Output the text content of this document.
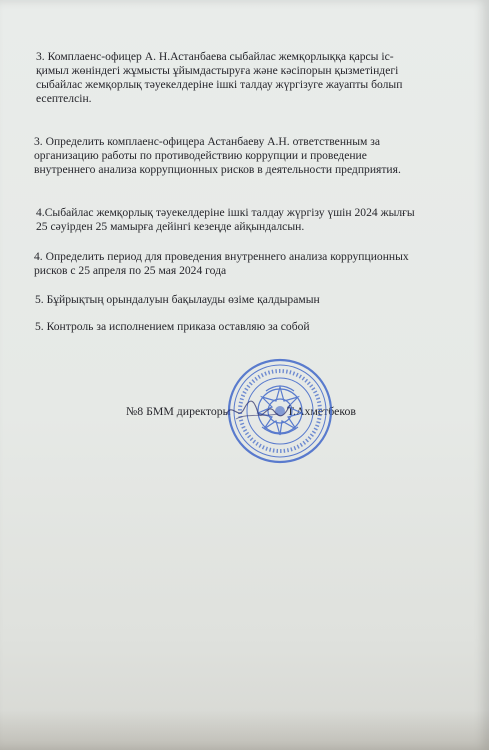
3. Комплаенс-офицер А. Н.Астанбаева сыбайлас жемқорлыққа қарсы іс-
қимыл жөніндегі жұмысты ұйымдастыруға және кәсіпорын қызметіндегі
сыбайлас жемқорлық тәуекелдеріне ішкі талдау жүргізуге жауапты болып
есептелсін.

3. Определить комплаенс-офицера Астанбаеву А.Н. ответственным за
организацию работы по противодействию коррупции и проведение
внутреннего анализа коррупционных рисков в деятельности предприятия.

4.Сыбайлас жемқорлық тәуекелдеріне ішкі талдау жүргізу үшін 2024 жылғы
25 сәуірден 25 мамырға дейінгі кезеңде айқындалсын.

4. Определить период для проведения внутреннего анализа коррупционных
рисков с 25 апреля по 25 мая 2024 года

5. Бұйрықтың орындалуын бақылауды өзіме қалдырамын

5. Контроль за исполнением приказа оставляю за собой

№8 БММ директоры	Т.Ахметбеков
